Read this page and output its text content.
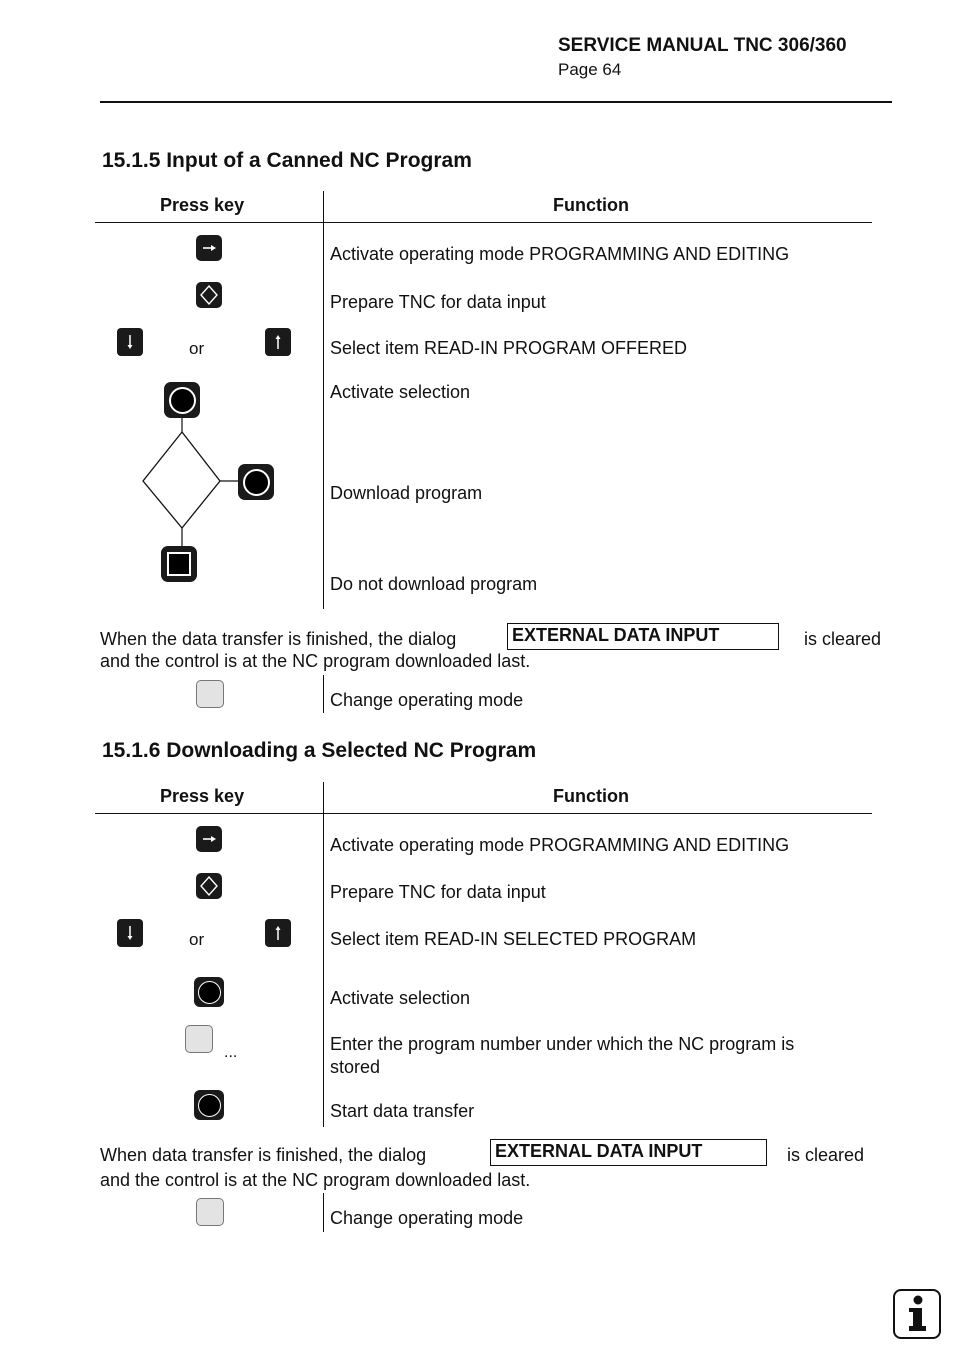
SERVICE MANUAL TNC 306/360
Page 64
15.1.5 Input of a Canned NC Program
Press key	Function
Activate operating mode PROGRAMMING AND EDITING
Prepare TNC for data input
or	Select item READ-IN PROGRAM OFFERED
Activate selection
Download program
Do not download program
When the data transfer is finished, the dialog	EXTERNAL DATA INPUT	is cleared
and the control is at the NC program downloaded last.
Change operating mode
15.1.6 Downloading a Selected NC Program
Press key	Function
Activate operating mode PROGRAMMING AND EDITING
Prepare TNC for data input
or	Select item READ-IN SELECTED PROGRAM
Activate selection
...	Enter the program number under which the NC program is
stored
Start data transfer
When data transfer is finished, the dialog	EXTERNAL DATA INPUT	is cleared
and the control is at the NC program downloaded last.
Change operating mode
